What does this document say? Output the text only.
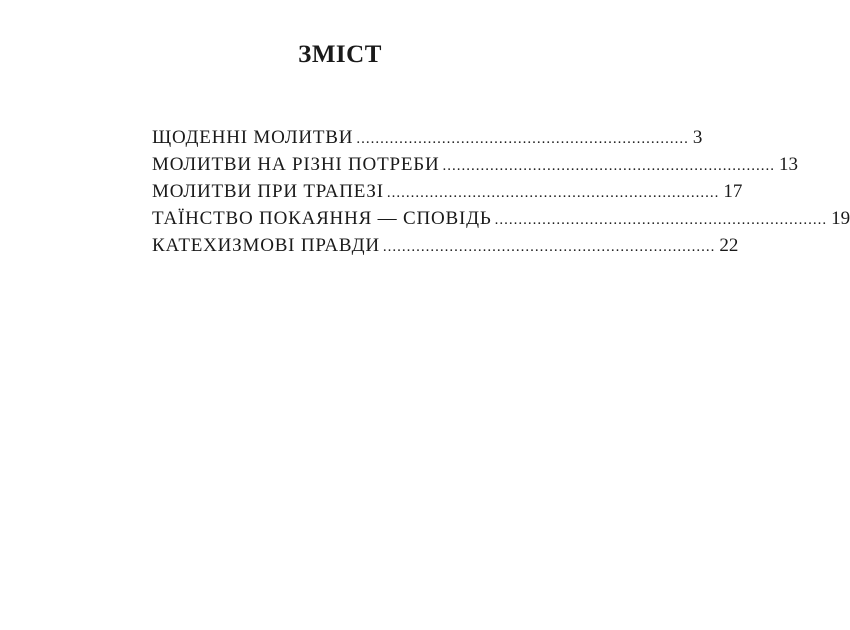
ЗМІСТ
ЩОДЕННІ МОЛИТВИ ...................................................................... 3
МОЛИТВИ НА РІЗНІ ПОТРЕБИ ...................................................................... 13
МОЛИТВИ ПРИ ТРАПЕЗІ ...................................................................... 17
ТАЇНСТВО ПОКАЯННЯ — СПОВІДЬ ...................................................................... 19
КАТЕХИЗМОВІ ПРАВДИ ...................................................................... 22
